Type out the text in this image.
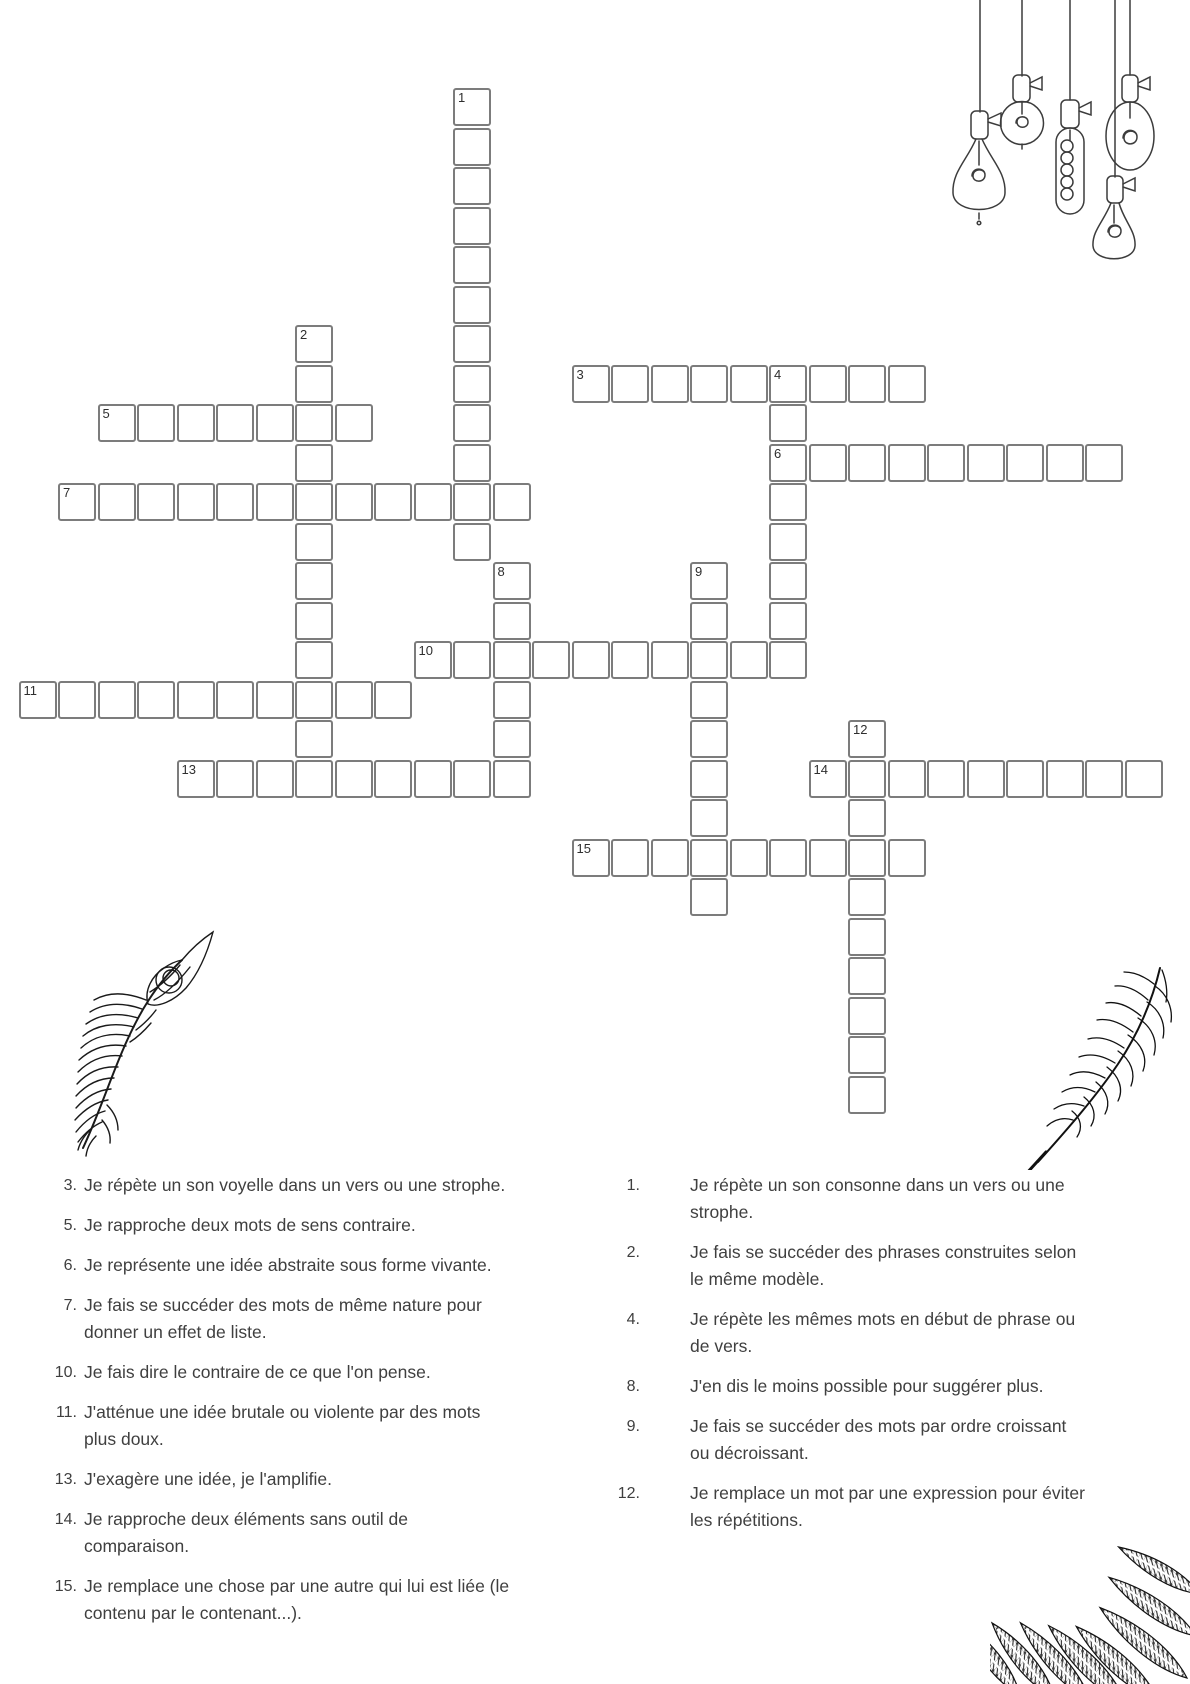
1
2
3	4
6
5
7
8	9
10
11
12
13	14
15
3. Je répète un son voyelle dans un vers ou une strophe.
5. Je rapproche deux mots de sens contraire.
6. Je représente une idée abstraite sous forme vivante.
7. Je fais se succéder des mots de même nature pour donner un effet de liste.
10. Je fais dire le contraire de ce que l'on pense.
11. J'atténue une idée brutale ou violente par des mots plus doux.
13. J'exagère une idée, je l'amplifie.
14. Je rapproche deux éléments sans outil de comparaison.
15. Je remplace une chose par une autre qui lui est liée (le contenu par le contenant...).
1.	Je répète un son consonne dans un vers ou une strophe.
2.	Je fais se succéder des phrases construites selon le même modèle.
4.	Je répète les mêmes mots en début de phrase ou de vers.
8.	J'en dis le moins possible pour suggérer plus.
9.	Je fais se succéder des mots par ordre croissant ou décroissant.
12.	Je remplace un mot par une expression pour éviter les répétitions.
